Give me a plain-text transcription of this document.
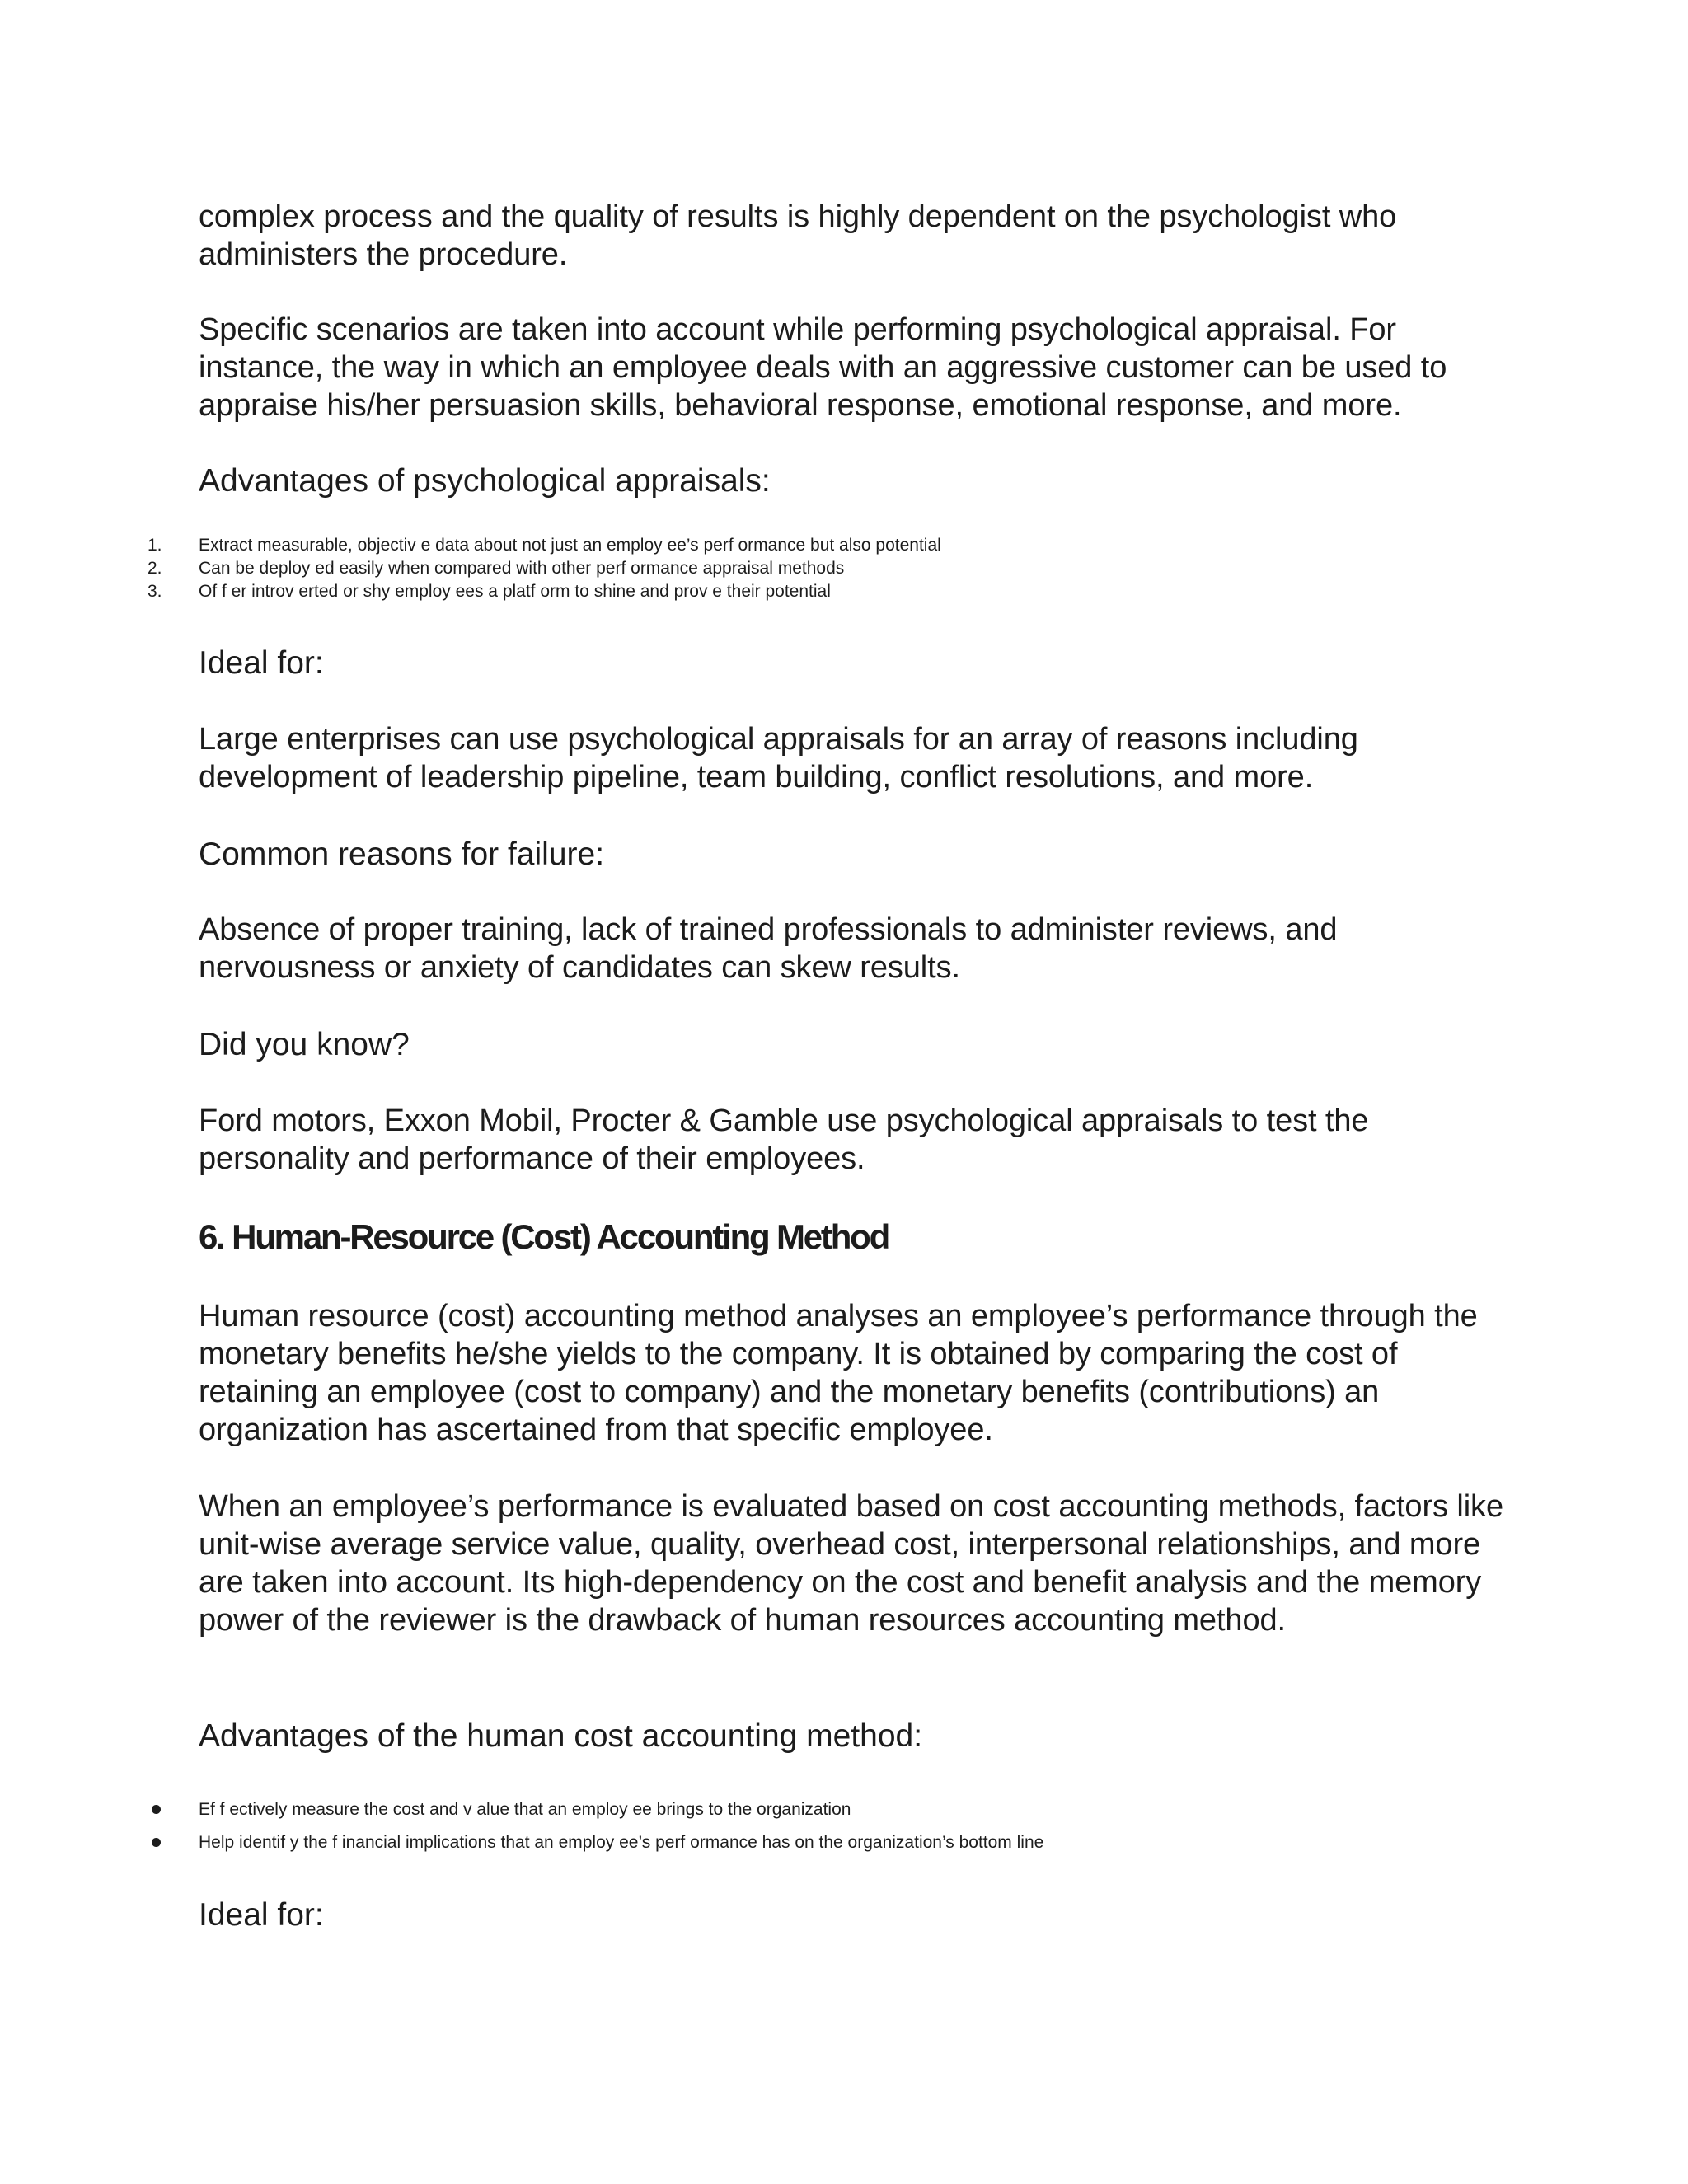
complex process and the quality of results is highly dependent on the psychologist who administers the procedure.

Specific scenarios are taken into account while performing psychological appraisal. For instance, the way in which an employee deals with an aggressive customer can be used to appraise his/her persuasion skills, behavioral response, emotional response, and more.

Advantages of psychological appraisals:

1.	Extract measurable, objectiv e data about not just an employ ee’s perf ormance but also potential
2.	Can be deploy ed easily when compared with other perf ormance appraisal methods
3.	Of f er introv erted or shy employ ees a platf orm to shine and prov e their potential

Ideal for:

Large enterprises can use psychological appraisals for an array of reasons including development of leadership pipeline, team building, conflict resolutions, and more.

Common reasons for failure:

Absence of proper training, lack of trained professionals to administer reviews, and nervousness or anxiety of candidates can skew results.

Did you know?

Ford motors, Exxon Mobil, Procter & Gamble use psychological appraisals to test the personality and performance of their employees.

6. Human-Resource (Cost) Accounting Method

Human resource (cost) accounting method analyses an employee’s performance through the monetary benefits he/she yields to the company. It is obtained by comparing the cost of retaining an employee (cost to company) and the monetary benefits (contributions) an organization has ascertained from that specific employee.

When an employee’s performance is evaluated based on cost accounting methods, factors like unit-wise average service value, quality, overhead cost, interpersonal relationships, and more are taken into account. Its high-dependency on the cost and benefit analysis and the memory power of the reviewer is the drawback of human resources accounting method.

Advantages of the human cost accounting method:

Ef f ectively measure the cost and v alue that an employ ee brings to the organization
Help identif y the f inancial implications that an employ ee’s perf ormance has on the organization’s bottom line

Ideal for:
